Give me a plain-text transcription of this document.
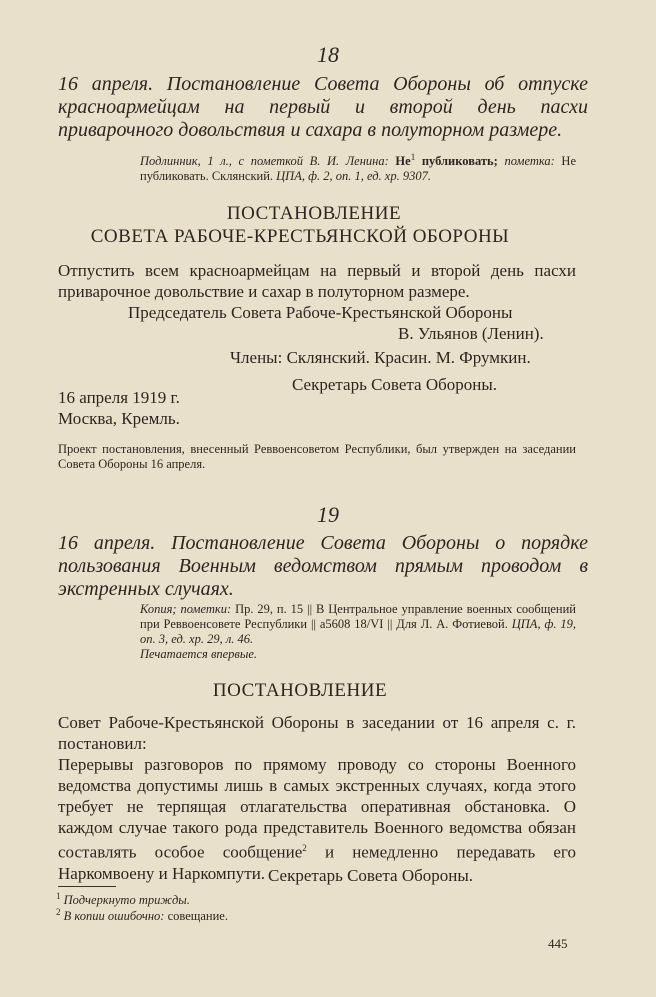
18
16 апреля. Постановление Совета Обороны об отпуске красноармейцам на первый и второй день пасхи приварочного довольствия и сахара в полуторном размере.
Подлинник, 1 л., с пометкой В. И. Ленина: $Не^1$ публиковать; пометка: Не публиковать. Склянский. ЦПА, ф. 2, оп. 1, ед. хр. 9307.
ПОСТАНОВЛЕНИЕ
СОВЕТА РАБОЧЕ-КРЕСТЬЯНСКОЙ ОБОРОНЫ
Отпустить всем красноармейцам на первый и второй день пасхи приварочное довольствие и сахар в полуторном размере.
Председатель Совета Рабоче-Крестьянской Обороны
В. Ульянов (Ленин).
Члены: Склянский. Красин. М. Фрумкин.
Секретарь Совета Обороны.
16 апреля 1919 г.
Москва, Кремль.
Проект постановления, внесенный Реввоенсоветом Республики, был утвержден на заседании Совета Обороны 16 апреля.
19
16 апреля. Постановление Совета Обороны о порядке пользования Военным ведомством прямым проводом в экстренных случаях.
Копия; пометки: Пр. 29, п. 15 || В Центральное управление военных сообщений при Реввоенсовете Республики || а5608 18/VI || Для Л. А. Фотиевой. ЦПА, ф. 19, оп. 3, ед. хр. 29, л. 46.
Печатается впервые.
ПОСТАНОВЛЕНИЕ
Совет Рабоче-Крестьянской Обороны в заседании от 16 апреля с. г. постановил:
Перерывы разговоров по прямому проводу со стороны Военного ведомства допустимы лишь в самых экстренных случаях, когда этого требует не терпящая отлагательства оперативная обстановка. О каждом случае такого рода представитель Военного ведомства обязан составлять особое сообщение$^2$ и немедленно передавать его Наркомвоену и Наркомпути. Секретарь Совета Обороны.
$^1$ Подчеркнуто трижды.
$^2$ В копии ошибочно: совещание.
445
